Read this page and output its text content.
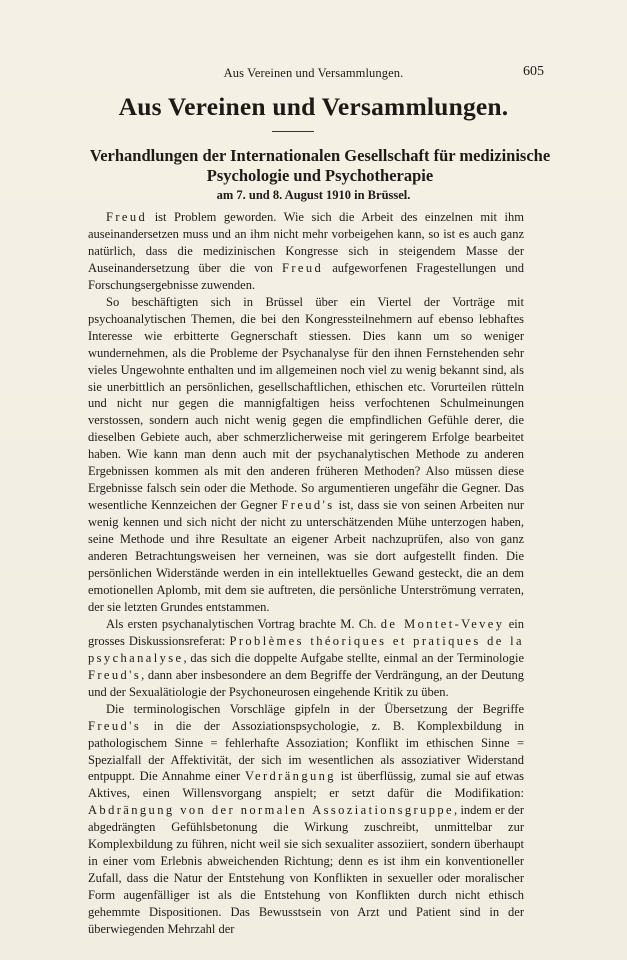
Aus Vereinen und Versammlungen.	605
Aus Vereinen und Versammlungen.
Verhandlungen der Internationalen Gesellschaft für medizinische Psychologie und Psychotherapie
am 7. und 8. August 1910 in Brüssel.

Freud ist Problem geworden. Wie sich die Arbeit des einzelnen mit ihm auseinandersetzen muss und an ihm nicht mehr vorbeigehen kann, so ist es auch ganz natürlich, dass die medizinischen Kongresse sich in steigendem Masse der Auseinandersetzung über die von Freud aufgeworfenen Fragestellungen und Forschungsergebnisse zuwenden.

So beschäftigten sich in Brüssel über ein Viertel der Vorträge mit psychoanalytischen Themen, die bei den Kongressteilnehmern auf ebenso lebhaftes Interesse wie erbitterte Gegnerschaft stiessen. Dies kann um so weniger wundernehmen, als die Probleme der Psychanalyse für den ihnen Fernstehenden sehr vieles Ungewohnte enthalten und im allgemeinen noch viel zu wenig bekannt sind, als sie unerbittlich an persönlichen, gesellschaftlichen, ethischen etc. Vorurteilen rütteln und nicht nur gegen die mannigfaltigen heiss verfochtenen Schulmeinungen verstossen, sondern auch nicht wenig gegen die empfindlichen Gefühle derer, die dieselben Gebiete auch, aber schmerzlicherweise mit geringerem Erfolge bearbeitet haben. Wie kann man denn auch mit der psychanalytischen Methode zu anderen Ergebnissen kommen als mit den anderen früheren Methoden? Also müssen diese Ergebnisse falsch sein oder die Methode. So argumentieren ungefähr die Gegner. Das wesentliche Kennzeichen der Gegner Freud's ist, dass sie von seinen Arbeiten nur wenig kennen und sich nicht der nicht zu unterschätzenden Mühe unterzogen haben, seine Methode und ihre Resultate an eigener Arbeit nachzuprüfen, also von ganz anderen Betrachtungsweisen her verneinen, was sie dort aufgestellt finden. Die persönlichen Widerstände werden in ein intellektuelles Gewand gesteckt, die an dem emotionellen Aplomb, mit dem sie auftreten, die persönliche Unterströmung verraten, der sie letzten Grundes entstammen.

Als ersten psychanalytischen Vortrag brachte M. Ch. de Montet-Vevey ein grosses Diskussionsreferat: Problèmes théoriques et pratiques de la psychanalyse, das sich die doppelte Aufgabe stellte, einmal an der Terminologie Freud's, dann aber insbesondere an dem Begriffe der Verdrängung, an der Deutung und der Sexualätiologie der Psychoneurosen eingehende Kritik zu üben.

Die terminologischen Vorschläge gipfeln in der Übersetzung der Begriffe Freud's in die der Assoziationspsychologie, z. B. Komplexbildung in pathologischem Sinne = fehlerhafte Assoziation; Konflikt im ethischen Sinne = Spezialfall der Affektivität, der sich im wesentlichen als assoziativer Widerstand entpuppt. Die Annahme einer Verdrängung ist überflüssig, zumal sie auf etwas Aktives, einen Willensvorgang anspielt; er setzt dafür die Modifikation: Abdrängung von der normalen Assoziationsgruppe, indem er der abgedrängten Gefühlsbetonung die Wirkung zuschreibt, unmittelbar zur Komplexbildung zu führen, nicht weil sie sich sexualiter assoziiert, sondern überhaupt in einer vom Erlebnis abweichenden Richtung; denn es ist ihm ein konventioneller Zufall, dass die Natur der Entstehung von Konflikten in sexueller oder moralischer Form augenfälliger ist als die Entstehung von Konflikten durch nicht ethisch gehemmte Dispositionen. Das Bewusstsein von Arzt und Patient sind in der überwiegenden Mehrzahl der
